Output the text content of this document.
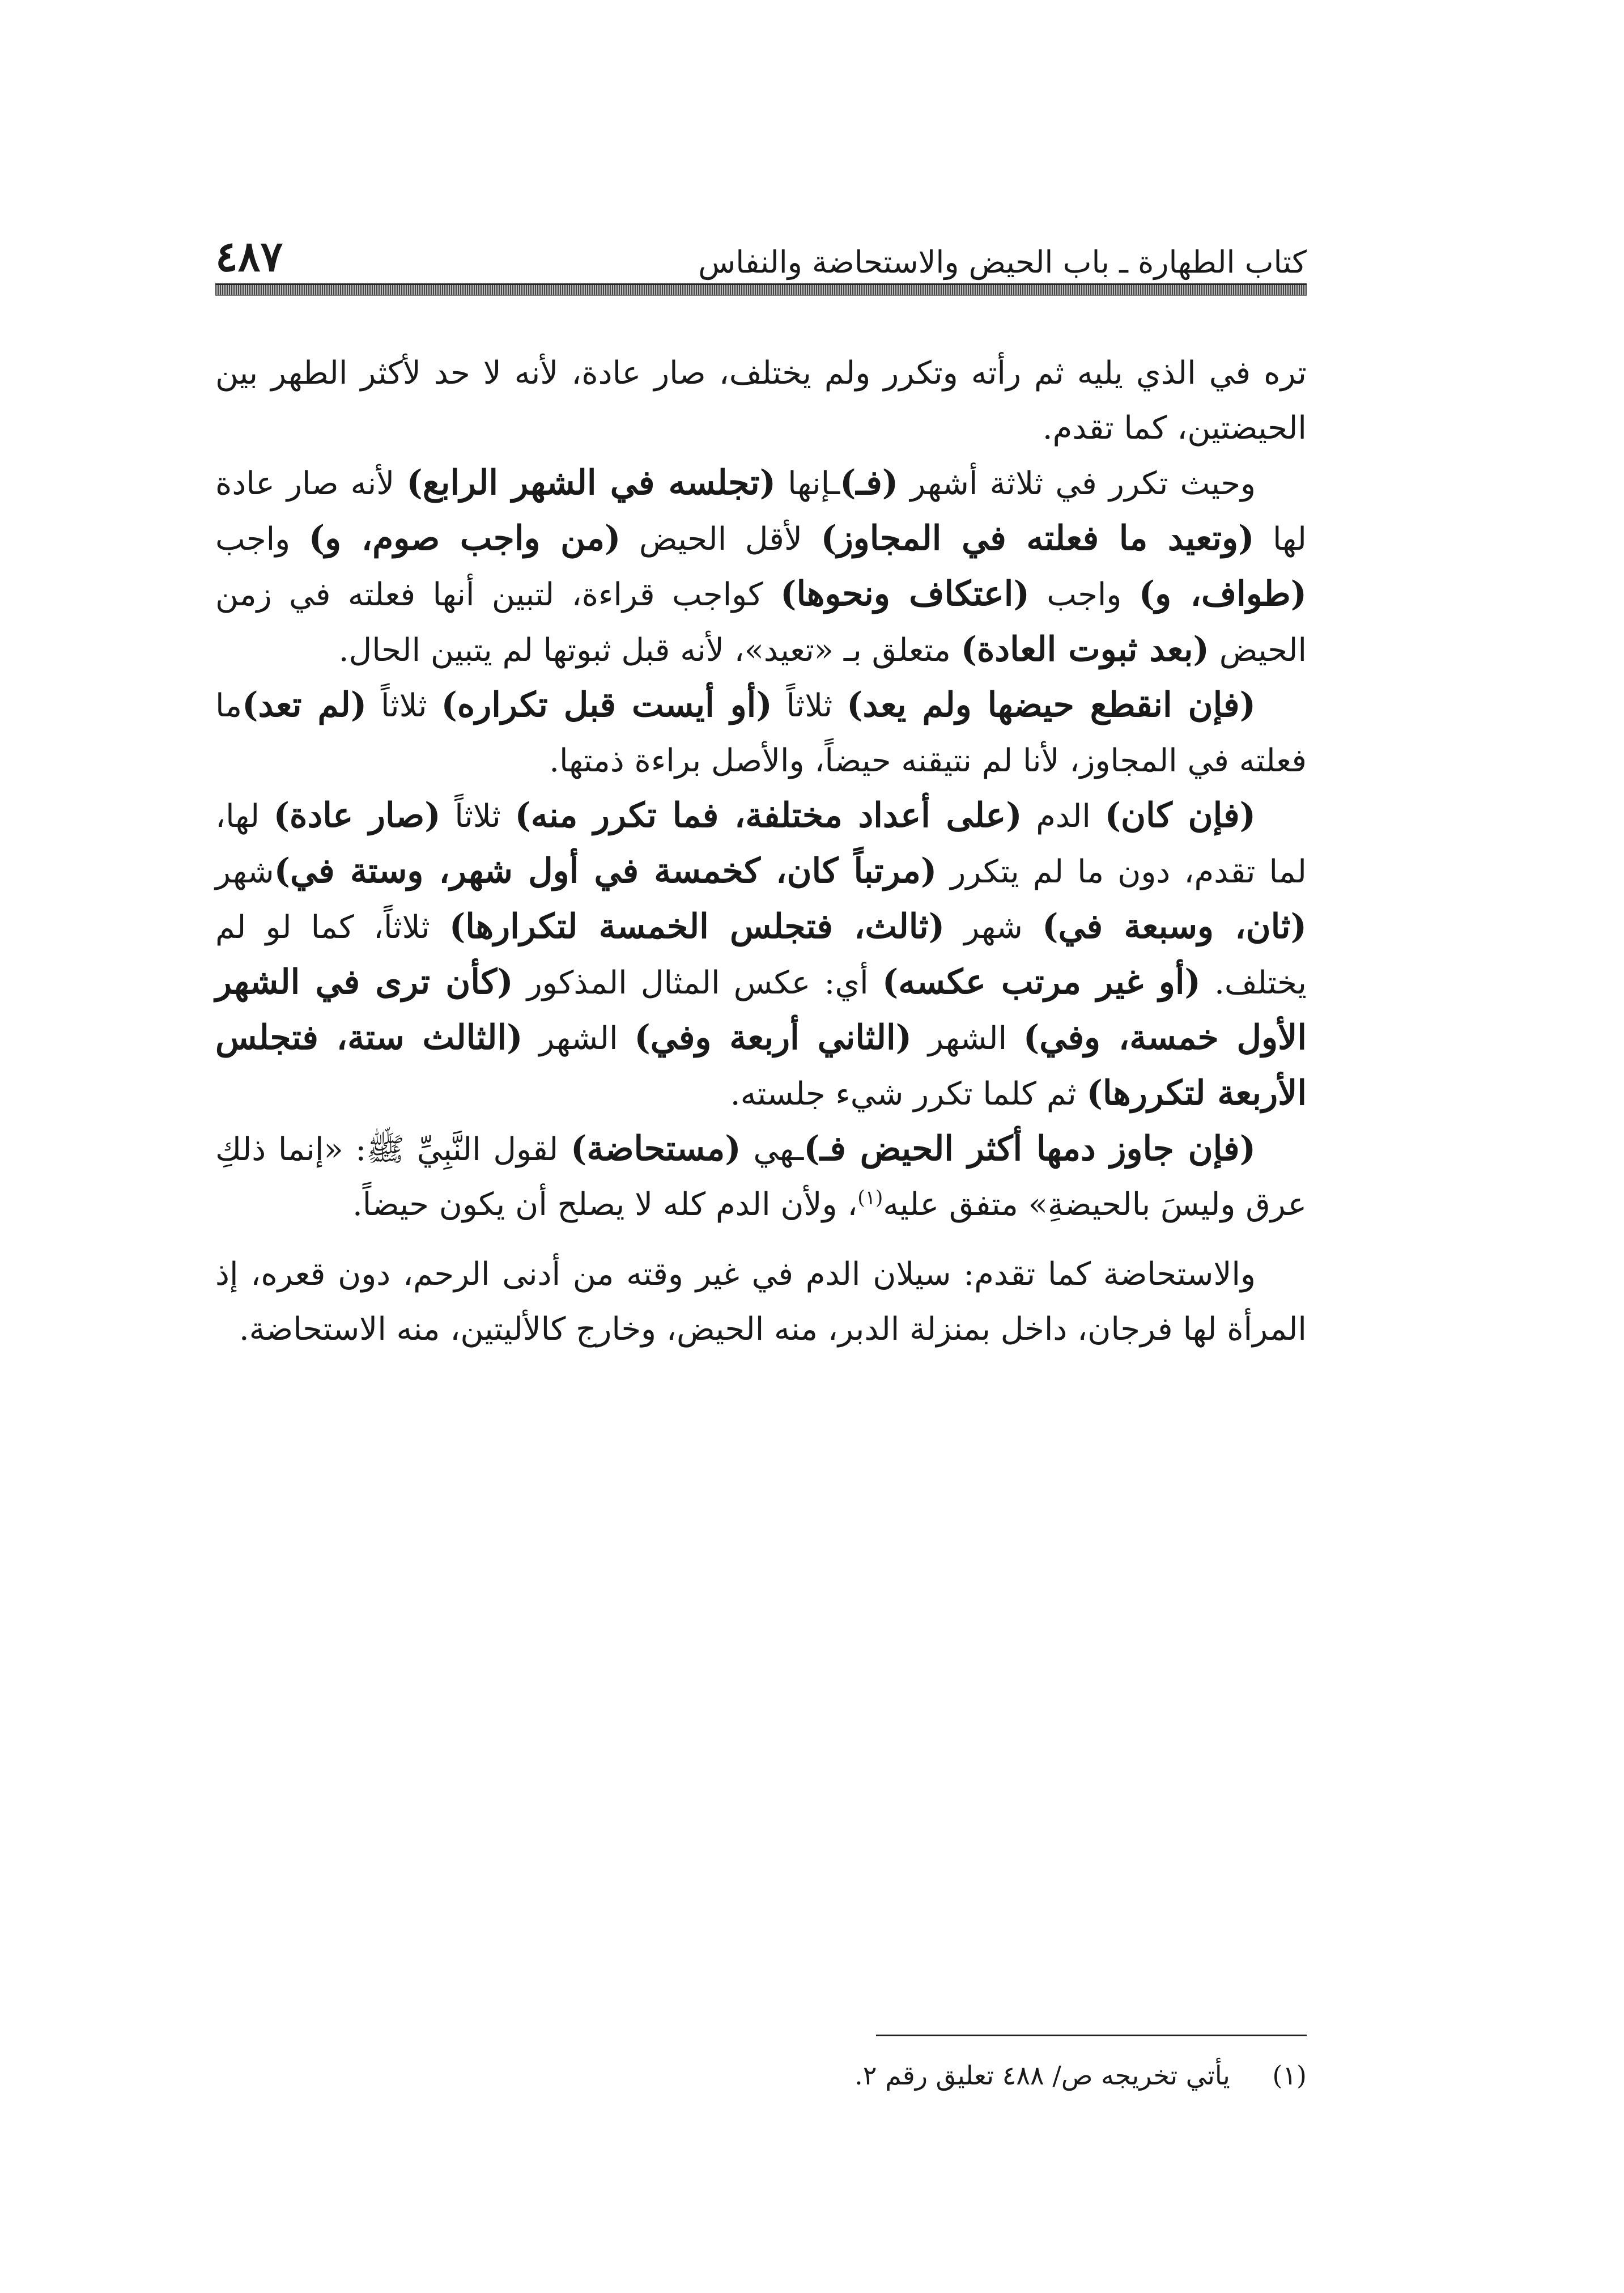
كتاب الطهارة ـ باب الحيض والاستحاضة والنفاس
٤٨٧

تره في الذي يليه ثم رأته وتكرر ولم يختلف، صار عادة، لأنه لا حد لأكثر الطهر بين الحيضتين، كما تقدم.

وحيث تكرر في ثلاثة أشهر (فـ)ـإنها (تجلسه في الشهر الرابع) لأنه صار عادة لها (وتعيد ما فعلته في المجاوز) لأقل الحيض (من واجب صوم، و) واجب (طواف، و) واجب (اعتكاف ونحوها) كواجب قراءة، لتبين أنها فعلته في زمن الحيض (بعد ثبوت العادة) متعلق بـ «تعيد»، لأنه قبل ثبوتها لم يتبين الحال.

(فإن انقطع حيضها ولم يعد) ثلاثاً (أو أيست قبل تكراره) ثلاثاً (لم تعد)ما فعلته في المجاوز، لأنا لم نتيقنه حيضاً، والأصل براءة ذمتها.

(فإن كان) الدم (على أعداد مختلفة، فما تكرر منه) ثلاثاً (صار عادة) لها، لما تقدم، دون ما لم يتكرر (مرتباً كان، كخمسة في أول شهر، وستة في)شهر (ثان، وسبعة في) شهر (ثالث، فتجلس الخمسة لتكرارها) ثلاثاً، كما لو لم يختلف. (أو غير مرتب عكسه) أي: عكس المثال المذكور (كأن ترى في الشهر الأول خمسة، وفي) الشهر (الثاني أربعة وفي) الشهر (الثالث ستة، فتجلس الأربعة لتكررها) ثم كلما تكرر شيء جلسته.

(فإن جاوز دمها أكثر الحيض فـ)ـهي (مستحاضة) لقول النَّبِيِّ ﷺ: «إنما ذلكِ عرق وليسَ بالحيضةِ» متفق عليه$^{(١)}$، ولأن الدم كله لا يصلح أن يكون حيضاً.

والاستحاضة كما تقدم: سيلان الدم في غير وقته من أدنى الرحم، دون قعره، إذ المرأة لها فرجان، داخل بمنزلة الدبر، منه الحيض، وخارج كالأليتين، منه الاستحاضة.

(١) يأتي تخريجه ص/ ٤٨٨ تعليق رقم ٢.
